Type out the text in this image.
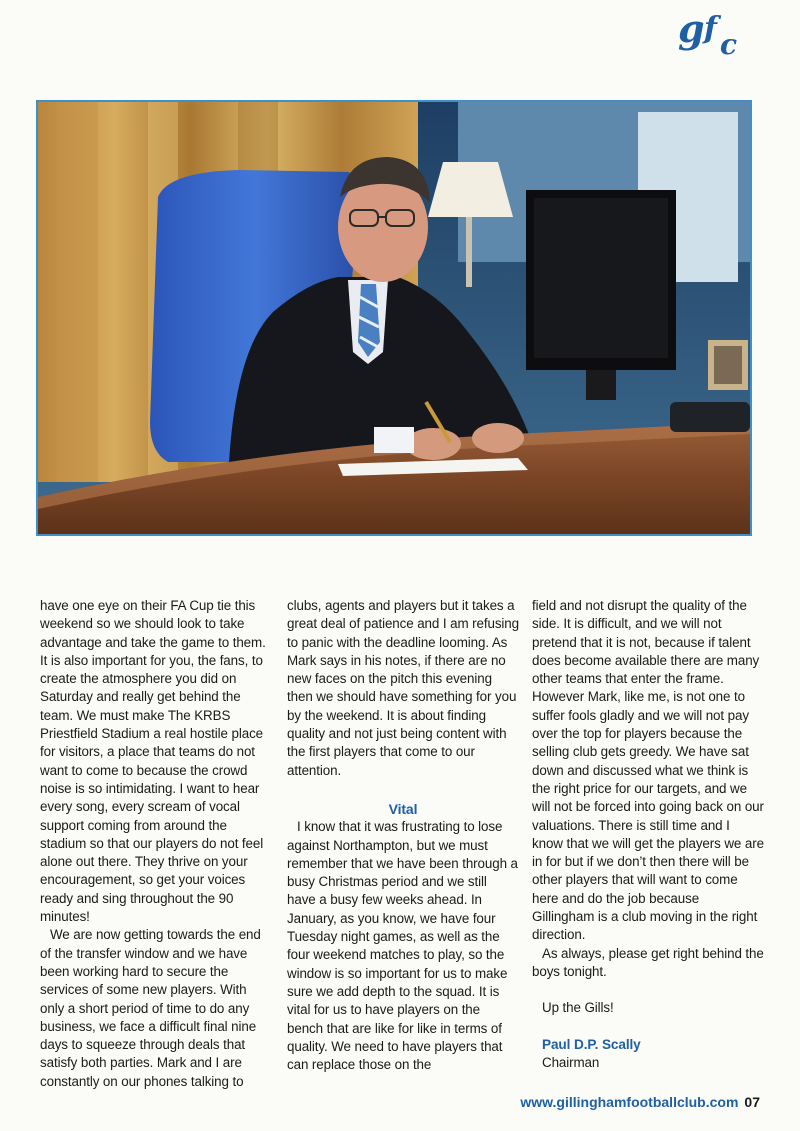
g f c

have one eye on their FA Cup tie this weekend so we should look to take advantage and take the game to them. It is also important for you, the fans, to create the atmosphere you did on Saturday and really get behind the team. We must make The KRBS Priestfield Stadium a real hostile place for visitors, a place that teams do not want to come to because the crowd noise is so intimidating. I want to hear every song, every scream of vocal support coming from around the stadium so that our players do not feel alone out there. They thrive on your encouragement, so get your voices ready and sing throughout the 90 minutes!

We are now getting towards the end of the transfer window and we have been working hard to secure the services of some new players. With only a short period of time to do any business, we face a difficult final nine days to squeeze through deals that satisfy both parties. Mark and I are constantly on our phones talking to

clubs, agents and players but it takes a great deal of patience and I am refusing to panic with the deadline looming. As Mark says in his notes, if there are no new faces on the pitch this evening then we should have something for you by the weekend. It is about finding quality and not just being content with the first players that come to our attention.

Vital

I know that it was frustrating to lose against Northampton, but we must remember that we have been through a busy Christmas period and we still have a busy few weeks ahead. In January, as you know, we have four Tuesday night games, as well as the four weekend matches to play, so the window is so important for us to make sure we add depth to the squad. It is vital for us to have players on the bench that are like for like in terms of quality. We need to have players that can replace those on the

field and not disrupt the quality of the side. It is difficult, and we will not pretend that it is not, because if talent does become available there are many other teams that enter the frame. However Mark, like me, is not one to suffer fools gladly and we will not pay over the top for players because the selling club gets greedy. We have sat down and discussed what we think is the right price for our targets, and we will not be forced into going back on our valuations. There is still time and I know that we will get the players we are in for but if we don’t then there will be other players that will want to come here and do the job because Gillingham is a club moving in the right direction.

As always, please get right behind the boys tonight.

Up the Gills!

Paul D.P. Scally

Chairman

www.gillinghamfootballclub.com 07
